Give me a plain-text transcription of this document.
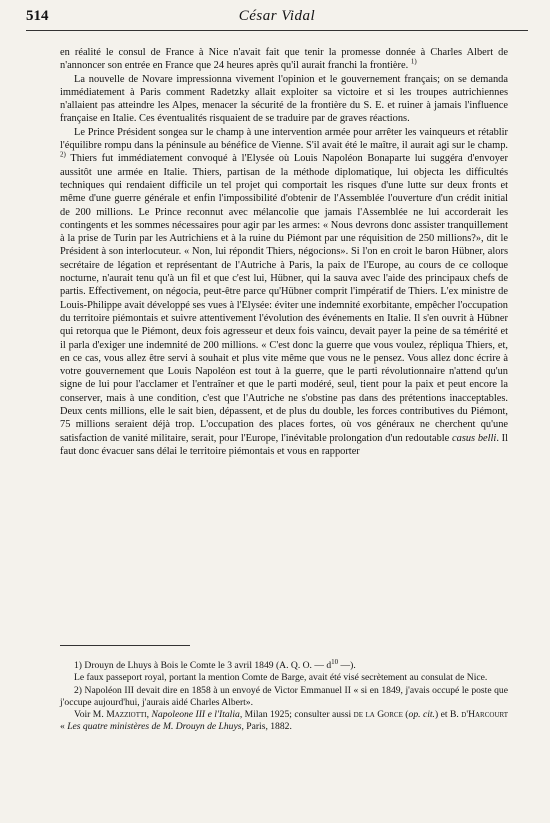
514	César Vidal

en réalité le consul de France à Nice n'avait fait que tenir la promesse donnée à Charles Albert de n'annoncer son entrée en France que 24 heures après qu'il aurait franchi la frontière. $^{1)}$

La nouvelle de Novare impressionna vivement l'opinion et le gouvernement français; on se demanda immédiatement à Paris comment Radetzky allait exploiter sa victoire et si les troupes autrichiennes n'allaient pas atteindre les Alpes, menacer la sécurité de la frontière du S. E. et ruiner à jamais l'influence française en Italie. Ces éventualités risquaient de se traduire par de graves réactions.

Le Prince Président songea sur le champ à une intervention armée pour arrêter les vainqueurs et rétablir l'équilibre rompu dans la péninsule au bénéfice de Vienne. S'il avait été le maître, il aurait agi sur le champ. $^{2)}$ Thiers fut immédiatement convoqué à l'Elysée où Louis Napoléon Bonaparte lui suggéra d'envoyer aussitôt une armée en Italie. Thiers, partisan de la méthode diplomatique, lui objecta les difficultés techniques qui rendaient difficile un tel projet qui comportait les risques d'une lutte sur deux fronts et même d'une guerre générale et enfin l'impossibilité d'obtenir de l'Assemblée l'ouverture d'un crédit initial de 200 millions. Le Prince reconnut avec mélancolie que jamais l'Assemblée ne lui accorderait les contingents et les sommes nécessaires pour agir par les armes: « Nous devrons donc assister tranquillement à la prise de Turin par les Autrichiens et à la ruine du Piémont par une réquisition de 250 millions?», dit le Président à son interlocuteur. « Non, lui répondit Thiers, négocions». Si l'on en croit le baron Hübner, alors secrétaire de légation et représentant de l'Autriche à Paris, la paix de l'Europe, au cours de ce colloque nocturne, n'aurait tenu qu'à un fil et que c'est lui, Hübner, qui la sauva avec l'aide des principaux chefs de partis. Effectivement, on négocia, peut-être parce qu'Hübner comprit l'impératif de Thiers. L'ex ministre de Louis-Philippe avait développé ses vues à l'Elysée: éviter une indemnité exorbitante, empêcher l'occupation du territoire piémontais et suivre attentivement l'évolution des événements en Italie. Il s'en ouvrit à Hübner qui retorqua que le Piémont, deux fois agresseur et deux fois vaincu, devait payer la peine de sa témérité et il parla d'exiger une indemnité de 200 millions. « C'est donc la guerre que vous voulez, répliqua Thiers, et, en ce cas, vous allez être servi à souhait et plus vite même que vous ne le pensez. Vous allez donc écrire à votre gouvernement que Louis Napoléon est tout à la guerre, que le parti révolutionnaire n'attend qu'un signe de lui pour l'acclamer et l'entraîner et que le parti modéré, seul, tient pour la paix et peut encore la conserver, mais à une condition, c'est que l'Autriche ne s'obstine pas dans des prétentions inacceptables. Deux cents millions, elle le sait bien, dépassent, et de plus du double, les forces contributives du Piémont, 75 millions seraient déjà trop. L'occupation des places fortes, où vos généraux ne cherchent qu'une satisfaction de vanité militaire, serait, pour l'Europe, l'inévitable prolongation d'un redoutable casus belli. Il faut donc évacuer sans délai le territoire piémontais et vous en rapporter

1) Drouyn de Lhuys à Bois le Comte le 3 avril 1849 (A. Q. O. — $d^{10}$ —).

Le faux passeport royal, portant la mention Comte de Barge, avait été visé secrètement au consulat de Nice.

2) Napoléon III devait dire en 1858 à un envoyé de Victor Emmanuel II « si en 1849, j'avais occupé le poste que j'occupe aujourd'hui, j'aurais aidé Charles Albert».

Voir M. Mazziotti, Napoleone III e l'Italia, Milan 1925; consulter aussi de la Gorce (op. cit.) et B. d'Harcourt « Les quatre ministères de M. Drouyn de Lhuys, Paris, 1882.
